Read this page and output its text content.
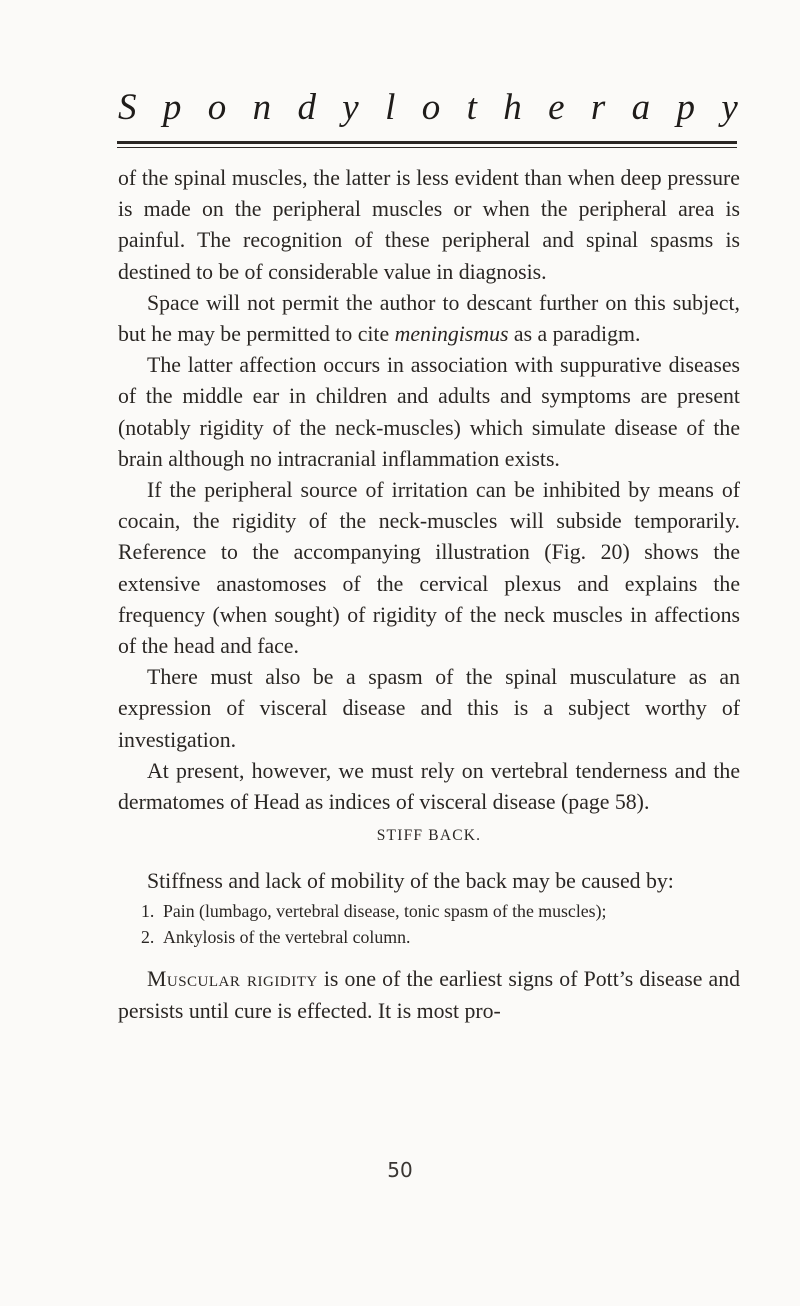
S p o n d y l o t h e r a p y

of the spinal muscles, the latter is less evident than when deep pressure is made on the peripheral muscles or when the peripheral area is painful. The recognition of these peripheral and spinal spasms is destined to be of considerable value in diagnosis.

Space will not permit the author to descant further on this subject, but he may be permitted to cite meningismus as a paradigm.

The latter affection occurs in association with suppurative diseases of the middle ear in children and adults and symptoms are present (notably rigidity of the neck-muscles) which simulate disease of the brain although no intracranial inflammation exists.

If the peripheral source of irritation can be inhibited by means of cocain, the rigidity of the neck-muscles will subside temporarily. Reference to the accompanying illustration (Fig. 20) shows the extensive anastomoses of the cervical plexus and explains the frequency (when sought) of rigidity of the neck muscles in affections of the head and face.

There must also be a spasm of the spinal musculature as an expression of visceral disease and this is a subject worthy of investigation.

At present, however, we must rely on vertebral tenderness and the dermatomes of Head as indices of visceral disease (page 58).

STIFF BACK.

Stiffness and lack of mobility of the back may be caused by:

1. Pain (lumbago, vertebral disease, tonic spasm of the muscles);
2. Ankylosis of the vertebral column.

Muscular rigidity is one of the earliest signs of Pott’s disease and persists until cure is effected. It is most pro-

50
